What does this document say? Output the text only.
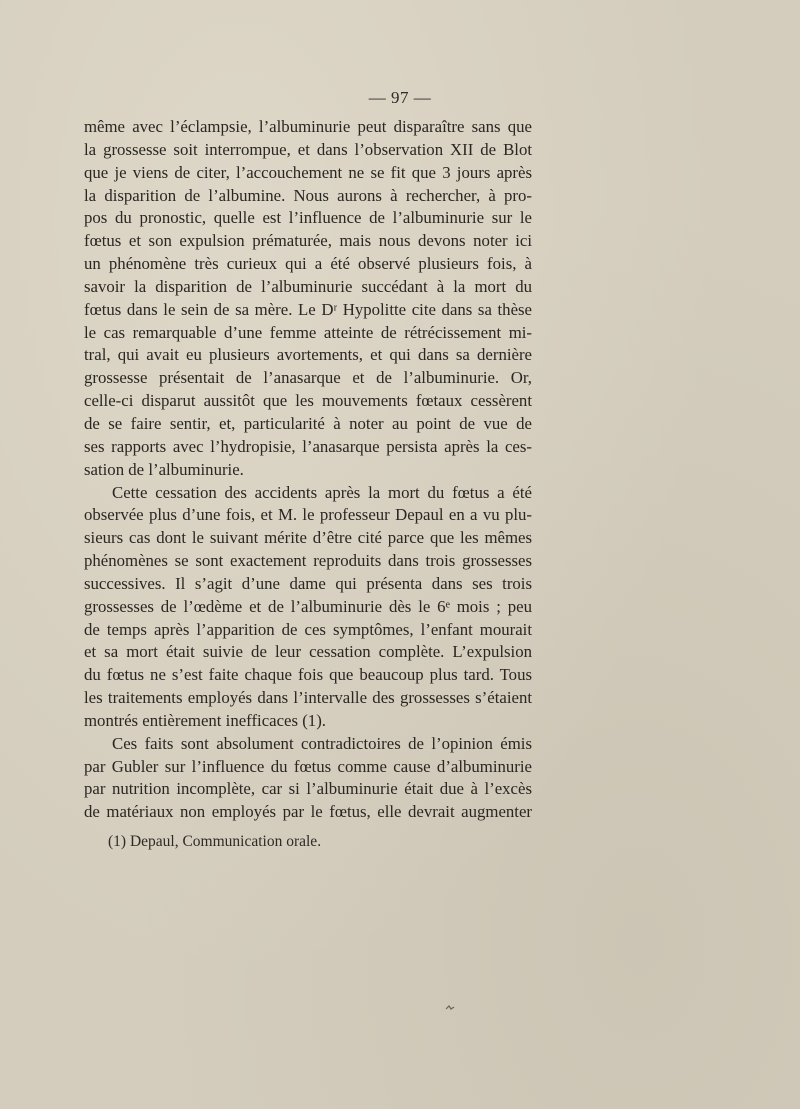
— 97 —
même avec l’éclampsie, l’albuminurie peut disparaître sans que
la grossesse soit interrompue, et dans l’observation XII de Blot
que je viens de citer, l’accouchement ne se fit que 3 jours après
la disparition de l’albumine. Nous aurons à rechercher, à pro-
pos du pronostic, quelle est l’influence de l’albuminurie sur le
fœtus et son expulsion prématurée, mais nous devons noter ici
un phénomène très curieux qui a été observé plusieurs fois, à
savoir la disparition de l’albuminurie succédant à la mort du
fœtus dans le sein de sa mère. Le Dʳ Hypolitte cite dans sa thèse
le cas remarquable d’une femme atteinte de rétrécissement mi-
tral, qui avait eu plusieurs avortements, et qui dans sa dernière
grossesse présentait de l’anasarque et de l’albuminurie. Or,
celle-ci disparut aussitôt que les mouvements fœtaux cessèrent
de se faire sentir, et, particularité à noter au point de vue de
ses rapports avec l’hydropisie, l’anasarque persista après la ces-
sation de l’albuminurie.
Cette cessation des accidents après la mort du fœtus a été
observée plus d’une fois, et M. le professeur Depaul en a vu plu-
sieurs cas dont le suivant mérite d’être cité parce que les mêmes
phénomènes se sont exactement reproduits dans trois grossesses
successives. Il s’agit d’une dame qui présenta dans ses trois
grossesses de l’œdème et de l’albuminurie dès le 6ᵉ mois ; peu
de temps après l’apparition de ces symptômes, l’enfant mourait
et sa mort était suivie de leur cessation complète. L’expulsion
du fœtus ne s’est faite chaque fois que beaucoup plus tard. Tous
les traitements employés dans l’intervalle des grossesses s’étaient
montrés entièrement inefficaces (1).
Ces faits sont absolument contradictoires de l’opinion émis
par Gubler sur l’influence du fœtus comme cause d’albuminurie
par nutrition incomplète, car si l’albuminurie était due à l’excès
de matériaux non employés par le fœtus, elle devrait augmenter
(1) Depaul, Communication orale.
